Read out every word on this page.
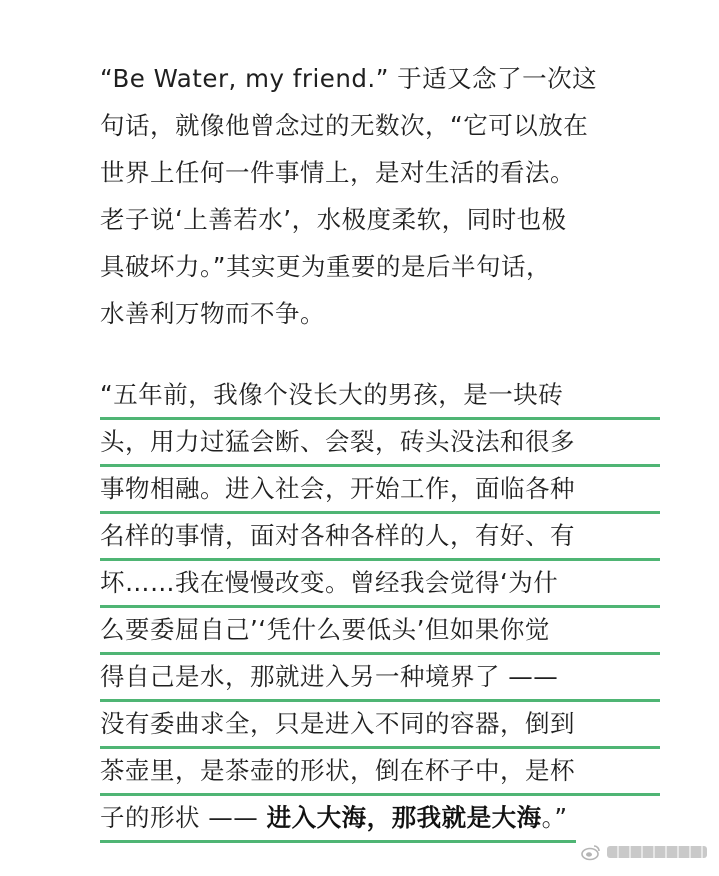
“Be Water, my friend.” 于适又念了一次这
句话，就像他曾念过的无数次，“它可以放在
世界上任何一件事情上，是对生活的看法。
老子说‘上善若水’，水极度柔软，同时也极
具破坏力。”其实更为重要的是后半句话，
水善利万物而不争。
“五年前，我像个没长大的男孩，是一块砖
头，用力过猛会断、会裂，砖头没法和很多
事物相融。进入社会，开始工作，面临各种
名样的事情，面对各种各样的人，有好、有
坏……我在慢慢改变。曾经我会觉得‘为什
么要委屈自己’‘凭什么要低头’但如果你觉
得自己是水，那就进入另一种境界了 ——
没有委曲求全，只是进入不同的容器，倒到
茶壶里，是茶壶的形状，倒在杯子中，是杯
子的形状 —— 进入大海，那我就是大海。”
